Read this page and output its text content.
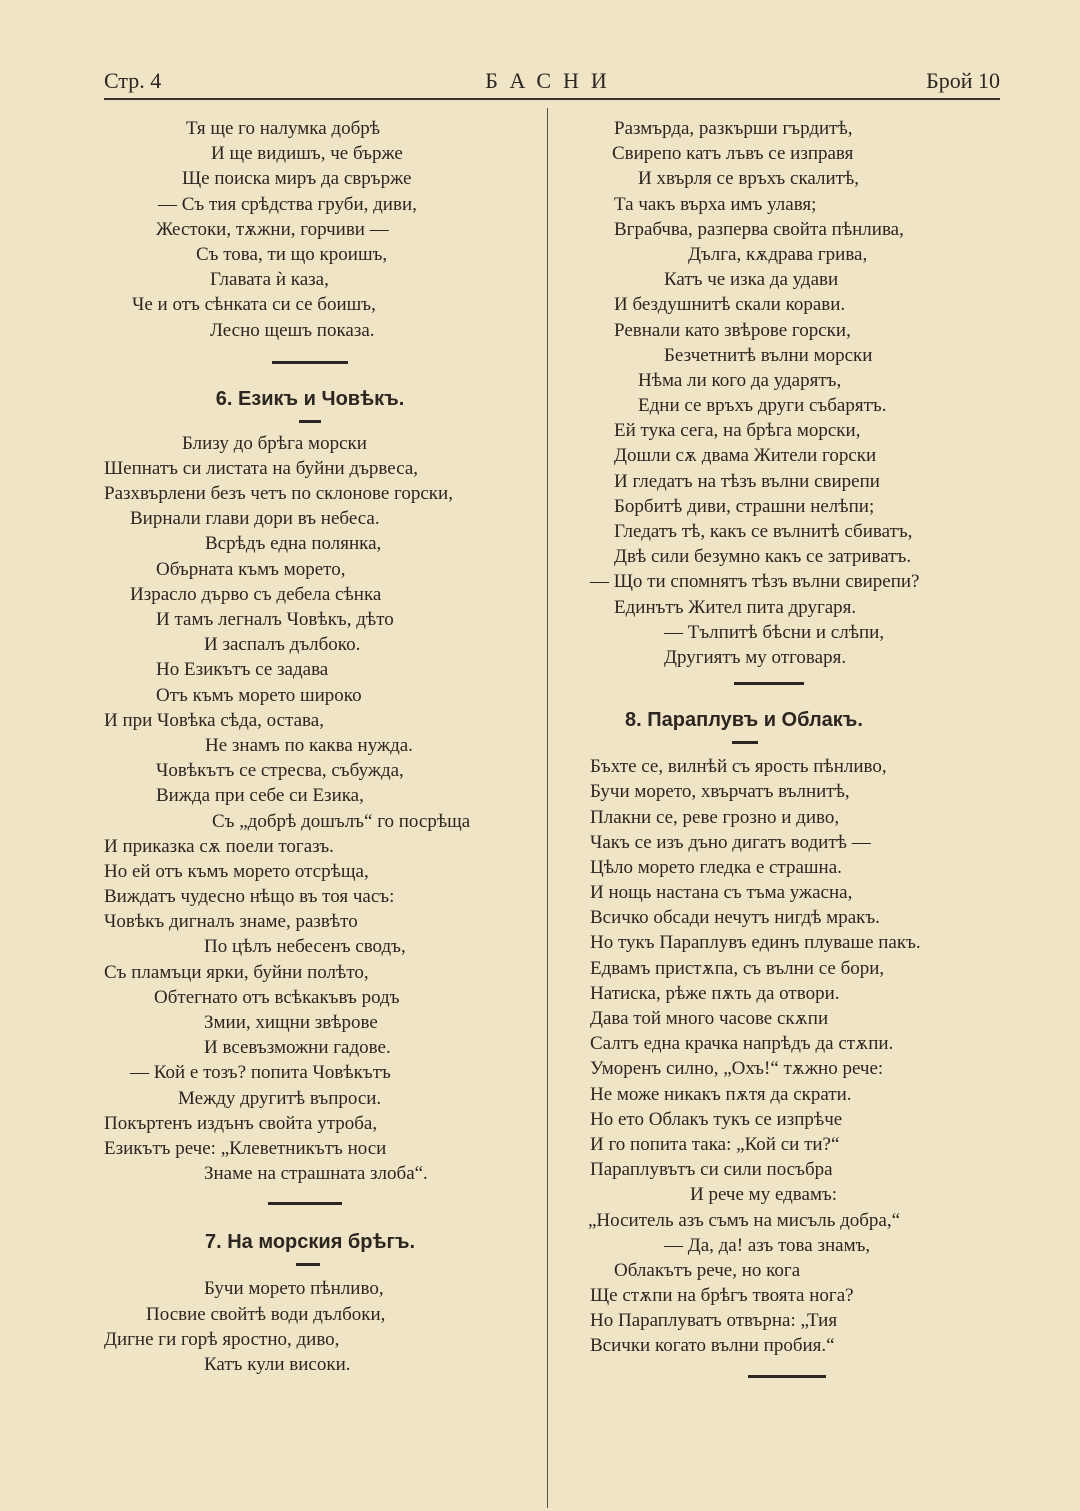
Стр. 4	БАСНИ	Брой 10
Тя ще го налумка добрѣ
И ще видишъ, че бърже
Ще поиска миръ да сврърже
— Съ тия срѣдства груби, диви,
Жестоки, тѫжни, горчиви —
Съ това, ти що кроишъ,
Главата ѝ каза,
Че и отъ сѣнката си се боишъ,
Лесно щешъ показа.
6. Езикъ и Човѣкъ.
Близу до брѣга морски
Шепнатъ си листата на буйни дървеса,
Разхвърлени безъ четъ по склонове горски,
Вирнали глави дори въ небеса.
Всрѣдъ една полянка,
Обърната къмъ морето,
Израсло дърво съ дебела сѣнка
И тамъ легналъ Човѣкъ, дѣто
И заспалъ дълбоко.
Но Езикътъ се задава
Отъ къмъ морето широко
И при Човѣка сѣда, остава,
Не знамъ по каква нужда.
Човѣкътъ се стресва, събужда,
Вижда при себе си Езика,
Съ „добрѣ дошълъ“ го посрѣща
И приказка сѫ поели тогазъ.
Но ей отъ къмъ морето отсрѣща,
Виждатъ чудесно нѣщо въ тоя часъ:
Човѣкъ дигналъ знаме, развѣто
По цѣлъ небесенъ сводъ,
Съ пламъци ярки, буйни полѣто,
Обтегнато отъ всѣкакъвъ родъ
Змии, хищни звѣрове
И всевъзможни гадове.
— Кой е тозъ? попита Човѣкътъ
Между другитѣ въпроси.
Покъртенъ издънъ свойта утроба,
Езикътъ рече: „Клеветникътъ носи
Знаме на страшната злоба“.
7. На морския брѣгъ.
Бучи морето пѣнливо,
Посвие свойтѣ води дълбоки,
Дигне ги горѣ яростно, диво,
Катъ кули високи.
Размърда, разкърши гърдитѣ,
Свирепо катъ лъвъ се изправя
И хвърля се връхъ скалитѣ,
Та чакъ върха имъ улавя;
Вграбчва, разперва свойта пѣнлива,
Дълга, кѫдрава грива,
Катъ че изка да удави
И бездушнитѣ скали корави.
Ревнали като звѣрове горски,
Безчетнитѣ вълни морски
Нѣма ли кого да ударятъ,
Едни се връхъ други събарятъ.
Ей тука сега, на брѣга морски,
Дошли сѫ двама Жители горски
И гледатъ на тѣзъ вълни свирепи
Борбитѣ диви, страшни нелѣпи;
Гледатъ тѣ, какъ се вълнитѣ сбиватъ,
Двѣ сили безумно какъ се затриватъ.
— Що ти спомнятъ тѣзъ вълни свирепи?
Единътъ Жител пита другаря.
— Тълпитѣ бѣсни и слѣпи,
Другиятъ му отговаря.
8. Параплувъ и Облакъ.
Бъхте се, вилнѣй съ ярость пѣнливо,
Бучи морето, хвърчатъ вълнитѣ,
Плакни се, реве грозно и диво,
Чакъ се изъ дъно дигатъ водитѣ —
Цѣло морето гледка е страшна.
И нощь настана съ тъма ужасна,
Всичко обсади нечутъ нигдѣ мракъ.
Но тукъ Параплувъ единъ плуваше пакъ.
Едвамъ пристѫпа, съ вълни се бори,
Натиска, рѣже пѫть да отвори.
Дава той много часове скѫпи
Салтъ една крачка напрѣдъ да стѫпи.
Уморенъ силно, „Охъ!“ тѫжно рече:
Не може никакъ пѫтя да скрати.
Но ето Облакъ тукъ се изпрѣче
И го попита така: „Кой си ти?“
Параплувътъ си сили посъбра
И рече му едвамъ:
„Носитель азъ съмъ на мисъль добра,“
— Да, да! азъ това знамъ,
Облакътъ рече, но кога
Ще стѫпи на брѣгъ твоята нога?
Но Параплуватъ отвърна: „Тия
Всички когато вълни пробия.“
